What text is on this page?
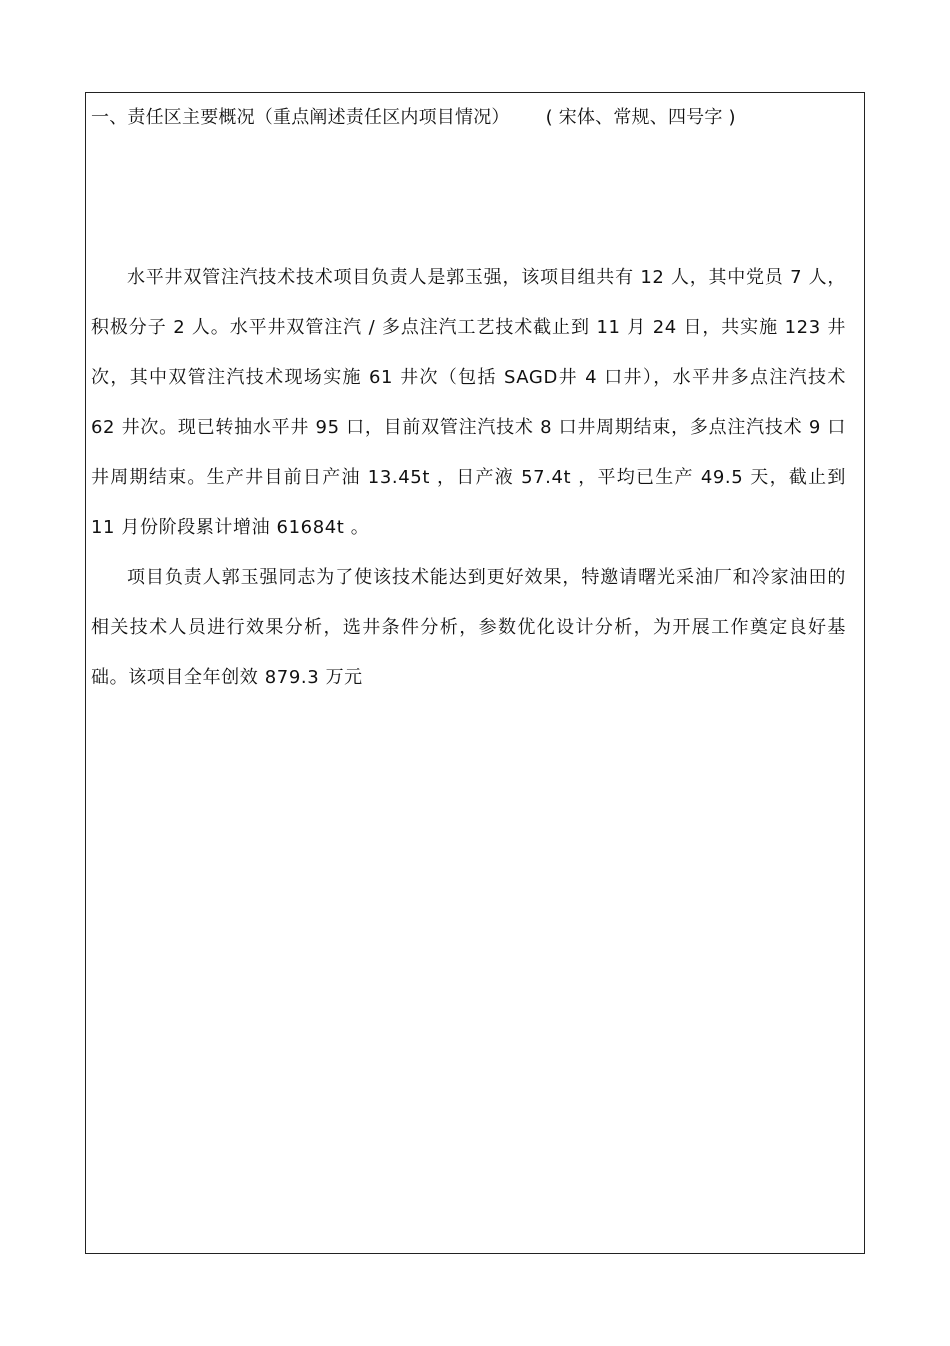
一、责任区主要概况（重点阐述责任区内项目情况） ( 宋体、常规、四号字 )

水平井双管注汽技术技术项目负责人是郭玉强，该项目组共有 12 人，其中党员 7 人，积极分子 2 人。水平井双管注汽 / 多点注汽工艺技术截止到 11 月 24 日，共实施 123 井次，其中双管注汽技术现场实施 61 井次（包括 SAGD井 4 口井），水平井多点注汽技术 62 井次。现已转抽水平井 95 口，目前双管注汽技术 8 口井周期结束，多点注汽技术 9 口井周期结束。生产井目前日产油 13.45t ，日产液 57.4t ，平均已生产 49.5 天，截止到 11 月份阶段累计增油 61684t 。

项目负责人郭玉强同志为了使该技术能达到更好效果，特邀请曙光采油厂和冷家油田的相关技术人员进行效果分析，选井条件分析，参数优化设计分析，为开展工作奠定良好基础。该项目全年创效 879.3 万元
